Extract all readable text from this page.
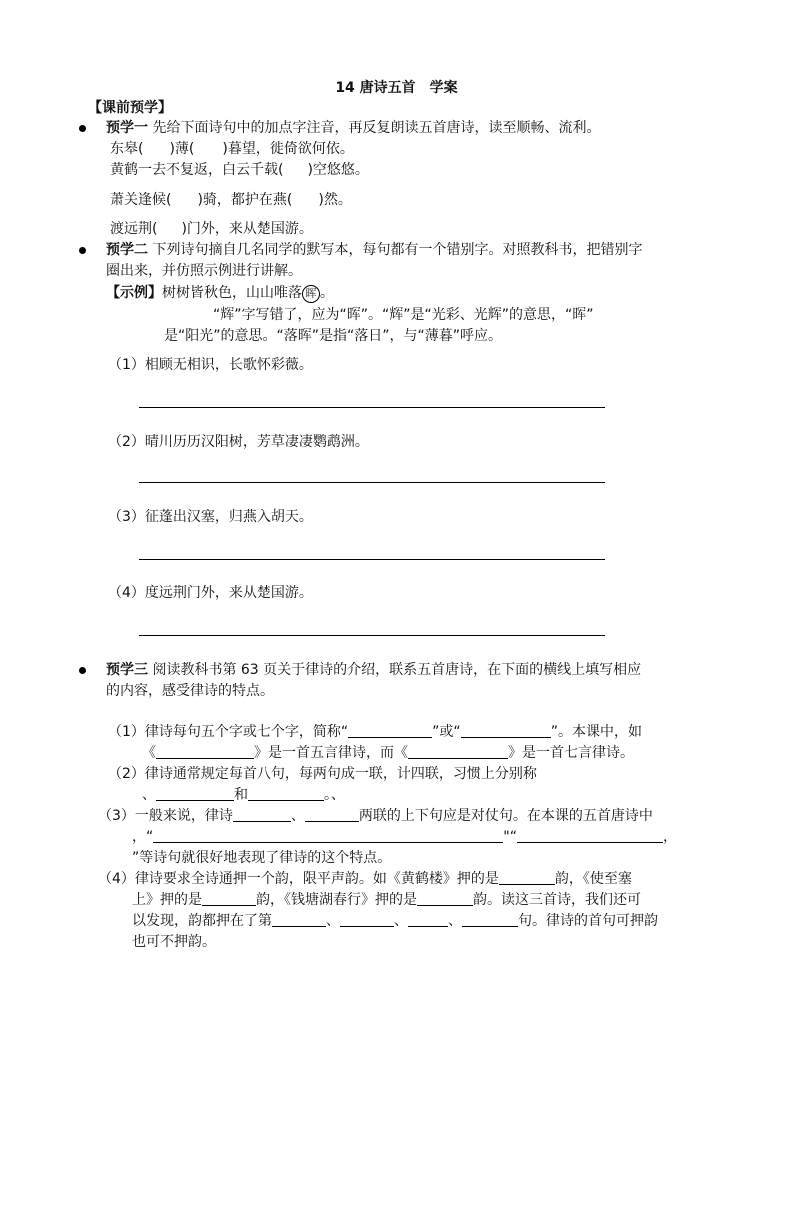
14 唐诗五首　学案
【课前预学】
预学一 先给下面诗句中的加点字注音，再反复朗读五首唐诗，读至顺畅、流利。
东皋( )薄( )暮望，徙倚欲何依。
黄鹤一去不复返，白云千载( )空悠悠。
萧关逢候( )骑，都护在燕( )然。
渡远荆( )门外，来从楚国游。
预学二 下列诗句摘自几名同学的默写本，每句都有一个错别字。对照教科书，把错别字
圈出来，并仿照示例进行讲解。
【示例】树树皆秋色，山山唯落 晖 。
“辉”字写错了，应为“晖”。“辉”是“光彩、光辉”的意思，“晖”
是“阳光”的意思。“落晖”是指“落日”，与“薄暮”呼应。
（1）相顾无相识，长歌怀彩薇。
（2）晴川历历汉阳树，芳草凄凄鹦鹉洲。
（3）征蓬出汉塞，归燕入胡天。
（4）度远荆门外，来从楚国游。
预学三 阅读教科书第 63 页关于律诗的介绍，联系五首唐诗，在下面的横线上填写相应
的内容，感受律诗的特点。
（1）律诗每句五个字或七个字，简称“	”或“	”。本课中，如
《	》是一首五言律诗，而《	》是一首七言律诗。
（2）律诗通常规定每首八句，每两句成一联，计四联，习惯上分别称
、	和	。、
（3）一般来说，律诗	、	两联的上下句应是对仗句。在本课的五首唐诗中
，“	"“	，
”等诗句就很好地表现了律诗的这个特点。
（4）律诗要求全诗通押一个韵，限平声韵。如《黄鹤楼》押的是	韵，《使至塞
上》押的是	韵，《钱塘湖春行》押的是	韵。读这三首诗，我们还可
以发现，韵都押在了第	、	、	、	句。律诗的首句可押韵
也可不押韵。
